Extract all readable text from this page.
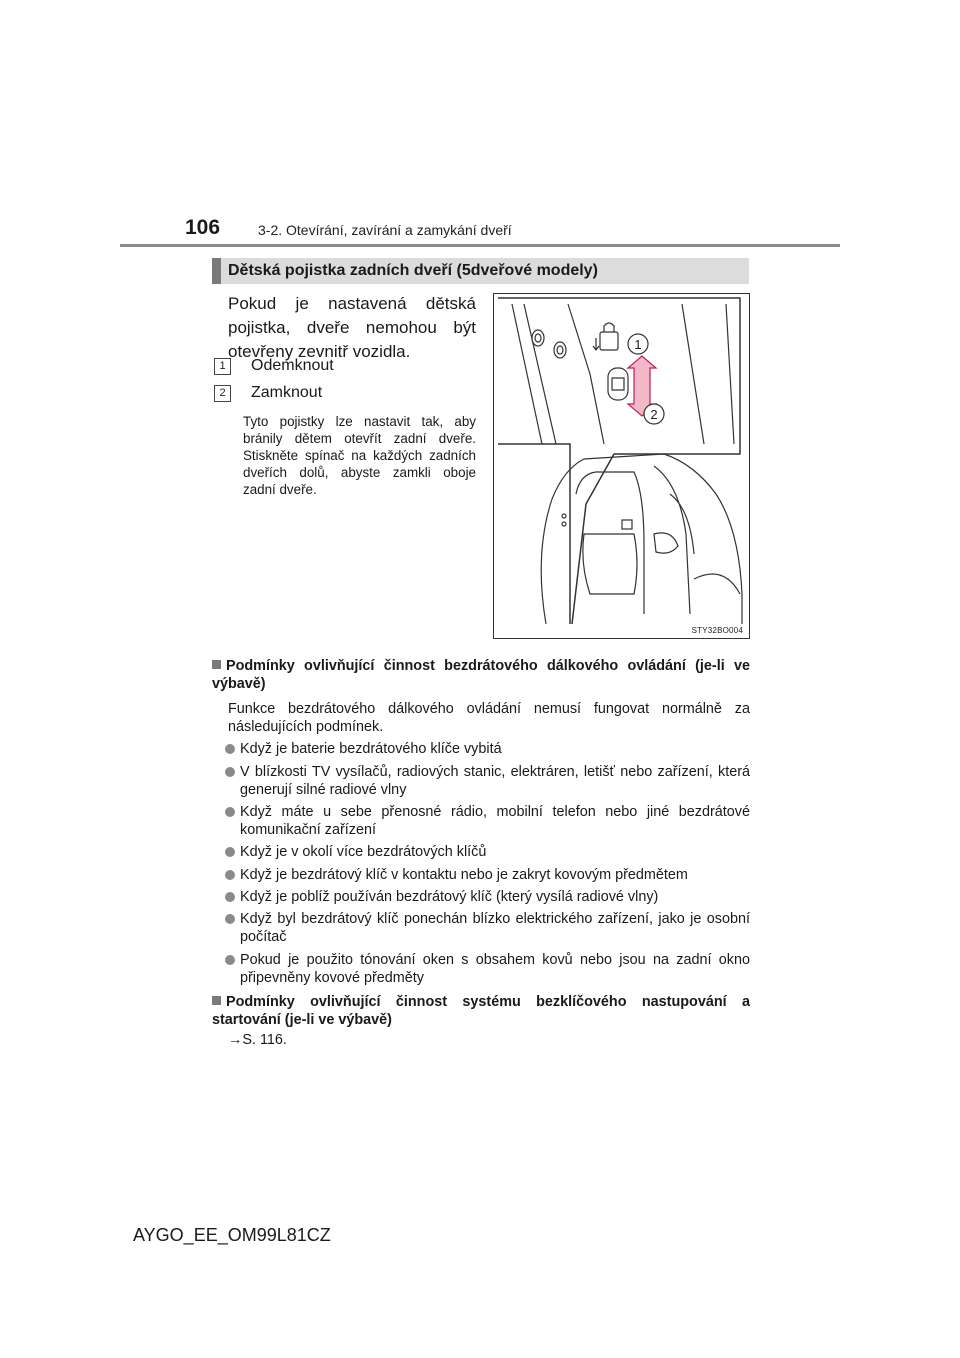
106	3-2. Otevírání, zavírání a zamykání dveří
Dětská pojistka zadních dveří (5dveřové modely)
Pokud je nastavená dětská pojistka, dveře nemohou být otevřeny zevnitř vozidla.
1	Odemknout
2	Zamknout
Tyto pojistky lze nastavit tak, aby bránily dětem otevřít zadní dveře. Stiskněte spínač na každých zadních dveřích dolů, abyste zamkli oboje zadní dveře.
1
2
STY32BO004
Podmínky ovlivňující činnost bezdrátového dálkového ovládání (je-li ve výbavě)
Funkce bezdrátového dálkového ovládání nemusí fungovat normálně za následujících podmínek.
Když je baterie bezdrátového klíče vybitá
V blízkosti TV vysílačů, radiových stanic, elektráren, letišť nebo zařízení, která generují silné radiové vlny
Když máte u sebe přenosné rádio, mobilní telefon nebo jiné bezdrátové komunikační zařízení
Když je v okolí více bezdrátových klíčů
Když je bezdrátový klíč v kontaktu nebo je zakryt kovovým předmětem
Když je poblíž používán bezdrátový klíč (který vysílá radiové vlny)
Když byl bezdrátový klíč ponechán blízko elektrického zařízení, jako je osobní počítač
Pokud je použito tónování oken s obsahem kovů nebo jsou na zadní okno připevněny kovové předměty
Podmínky ovlivňující činnost systému bezklíčového nastupování a startování (je-li ve výbavě)
→S. 116.
AYGO_EE_OM99L81CZ
